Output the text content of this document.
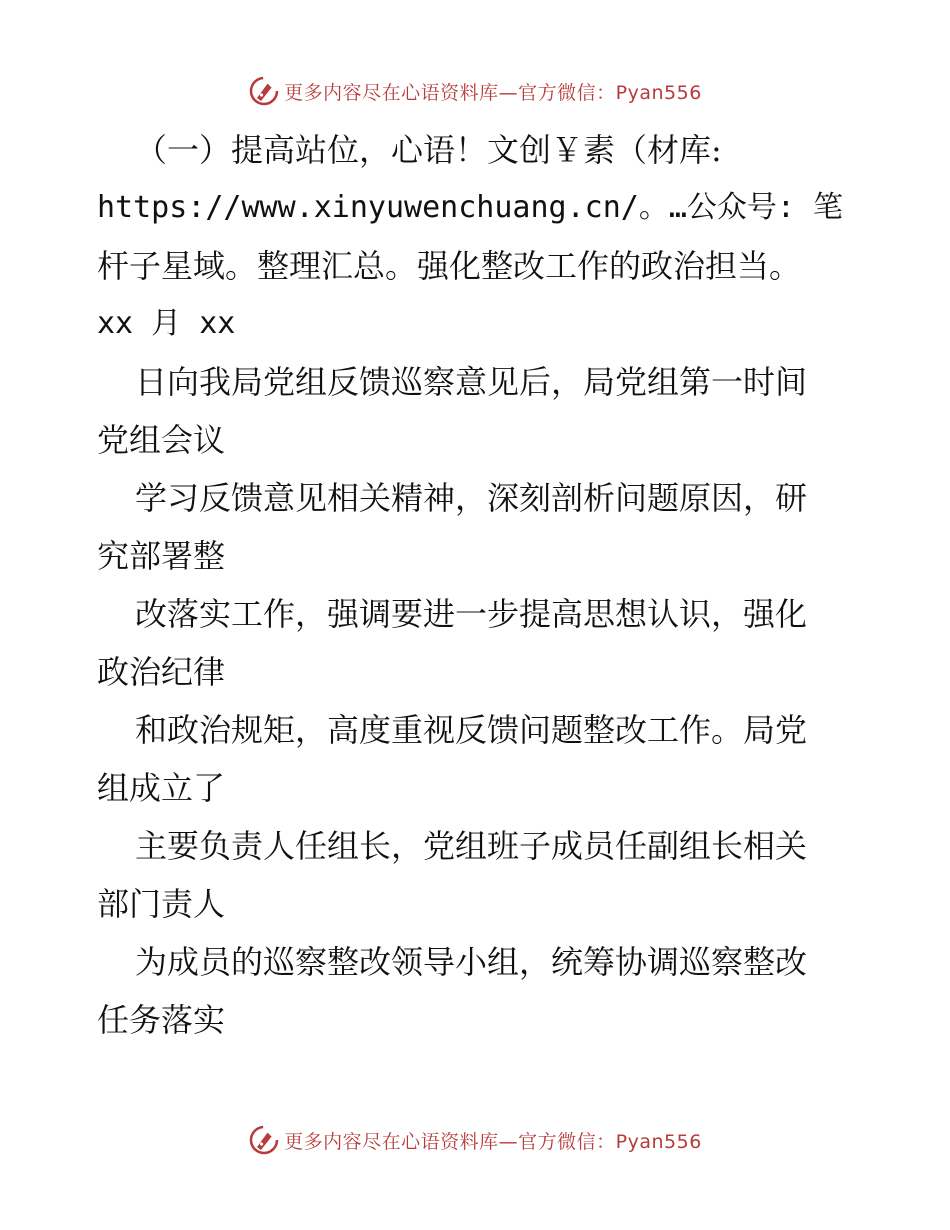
更多内容尽在心语资料库—官方微信：Pyan556
（一）提高站位，心语！文创￥素（材库:
https://www.xinyuwenchuang.cn/。…公众号: 笔
杆子星域。整理汇总。强化整改工作的政治担当。
xx 月 xx
日向我局党组反馈巡察意见后，局党组第一时间
党组会议
学习反馈意见相关精神，深刻剖析问题原因，研
究部署整
改落实工作，强调要进一步提高思想认识，强化
政治纪律
和政治规矩，高度重视反馈问题整改工作。局党
组成立了
主要负责人任组长，党组班子成员任副组长相关
部门责人
为成员的巡察整改领导小组，统筹协调巡察整改
任务落实
更多内容尽在心语资料库—官方微信：Pyan556
